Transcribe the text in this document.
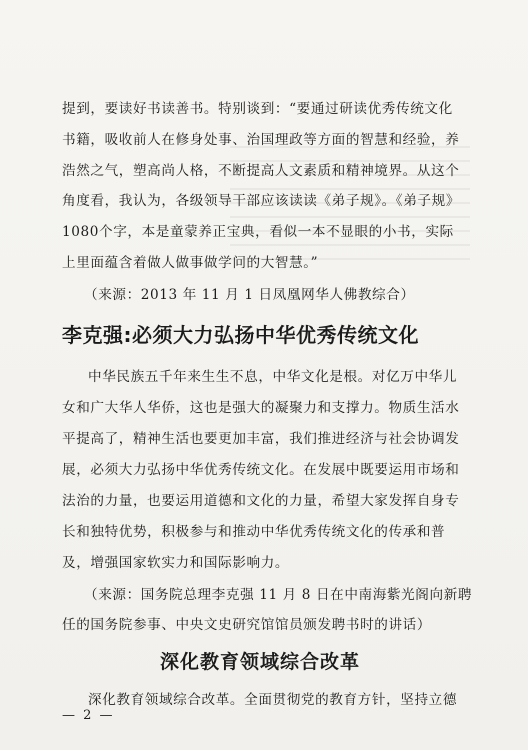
提到，要读好书读善书。特别谈到：“要通过研读优秀传统文化
书籍，吸收前人在修身处事、治国理政等方面的智慧和经验，养
浩然之气，塑高尚人格，不断提高人文素质和精神境界。从这个
角度看，我认为，各级领导干部应该读读《弟子规》。《弟子规》
1080个字，本是童蒙养正宝典，看似一本不显眼的小书，实际
上里面蕴含着做人做事做学问的大智慧。”
（来源：2013 年 11 月 1 日凤凰网华人佛教综合）
李克强:必须大力弘扬中华优秀传统文化
中华民族五千年来生生不息，中华文化是根。对亿万中华儿
女和广大华人华侨，这也是强大的凝聚力和支撑力。物质生活水
平提高了，精神生活也要更加丰富，我们推进经济与社会协调发
展，必须大力弘扬中华优秀传统文化。在发展中既要运用市场和
法治的力量，也要运用道德和文化的力量，希望大家发挥自身专
长和独特优势，积极参与和推动中华优秀传统文化的传承和普
及，增强国家软实力和国际影响力。
（来源：国务院总理李克强 11 月 8 日在中南海紫光阁向新聘
任的国务院参事、中央文史研究馆馆员颁发聘书时的讲话）
深化教育领域综合改革
深化教育领域综合改革。全面贯彻党的教育方针，坚持立德
— 2 —
